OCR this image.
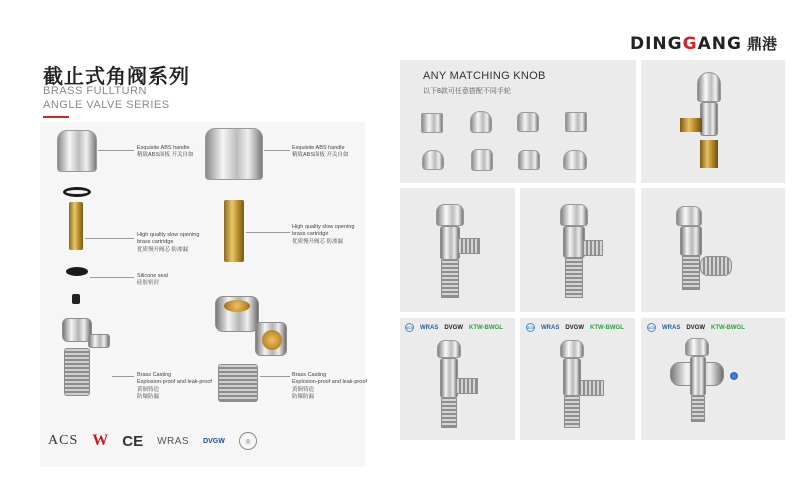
DINGGANG 鼎港
截止式角阀系列
BRASS FULLTURN
ANGLE VALVE SERIES
Exquisite ABS handle
精致ABS面板 开关自如
Exquisite ABS handle
精致ABS面板 开关自如
High quality slow opening
brass cartridge
优质慢开阀芯 防渗漏
High quality slow opening
brass cartridge
优质慢开阀芯 防渗漏
Silicone seal
硅胶密封
Brass Casting
Explosion-proof and leak-proof
黄铜铸造
防爆防漏
Brass Casting
Explosion-proof and leak-proof
黄铜铸造
防爆防漏
ACS W CE WRAS DVGW	◎
ANY MATCHING KNOB
以下8款可任意搭配不同手轮
ACS WRAS DVGW KTW-BWGL	ACS WRAS DVGW KTW-BWGL	ACS WRAS DVGW KTW-BWGL
